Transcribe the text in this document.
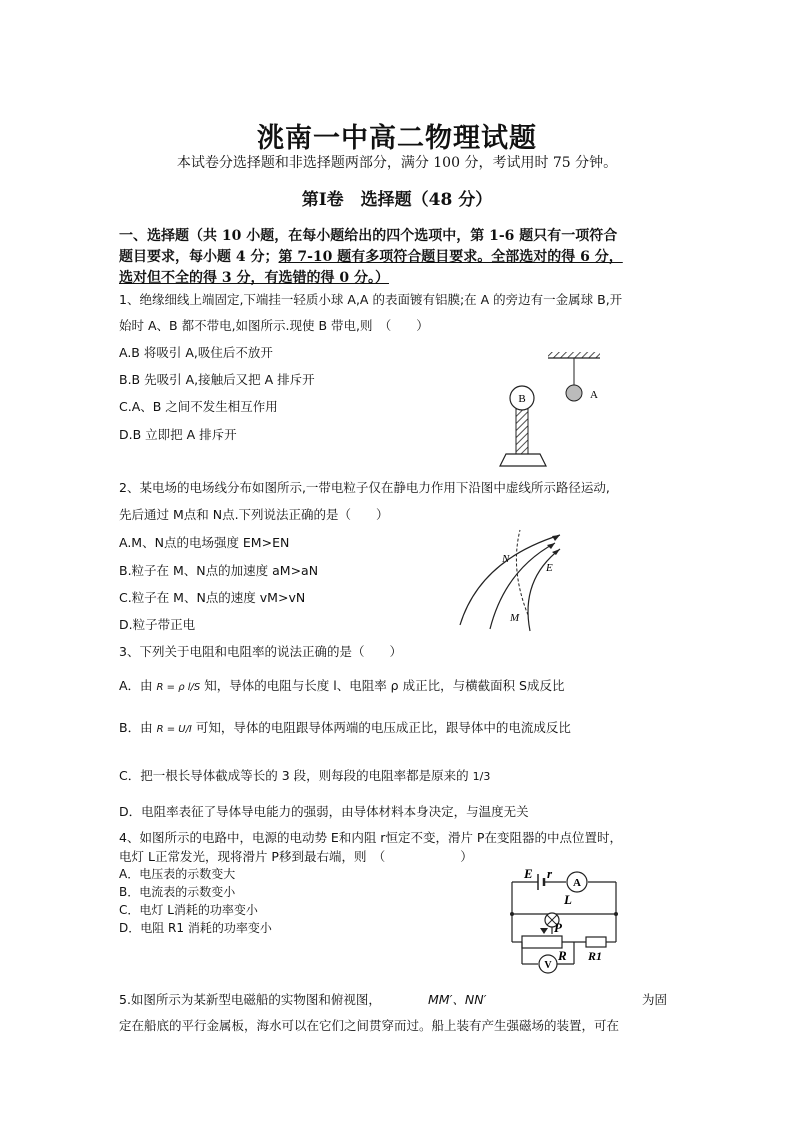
洮南一中高二物理试题
本试卷分选择题和非选择题两部分，满分 100 分，考试用时 75 分钟。
第Ⅰ卷　选择题（48 分）
一、选择题（共 10 小题，在每小题给出的四个选项中，第 1-6 题只有一项符合
题目要求，每小题 4 分；第 7-10 题有多项符合题目要求。全部选对的得 6 分，
选对但不全的得 3 分，有选错的得 0 分。）
1、绝缘细线上端固定,下端挂一轻质小球 A,A 的表面镀有铝膜;在 A 的旁边有一金属球 B,开
始时 A、B 都不带电,如图所示.现使 B 带电,则　（　　）
A.B 将吸引 A,吸住后不放开
B.B 先吸引 A,接触后又把 A 排斥开
C.A、B 之间不发生相互作用
D.B 立即把 A 排斥开
B	A
2、某电场的电场线分布如图所示,一带电粒子仅在静电力作用下沿图中虚线所示路径运动,
先后通过 M点和 N点.下列说法正确的是（　　）
A.M、N点的电场强度 EM>EN
B.粒子在 M、N点的加速度 aM>aN
C.粒子在 M、N点的速度 vM>vN
D.粒子带正电
N
E
M
3、下列关于电阻和电阻率的说法正确的是（　　）
A．由 R = ρ l/S 知，导体的电阻与长度 l、电阻率 ρ 成正比，与横截面积 S成反比
B．由 R = U/I 可知，导体的电阻跟导体两端的电压成正比，跟导体中的电流成反比
C．把一根长导体截成等长的 3 段，则每段的电阻率都是原来的 1/3
D．电阻率表征了导体导电能力的强弱，由导体材料本身决定，与温度无关
4、如图所示的电路中，电源的电动势 E和内阻 r恒定不变，滑片 P在变阻器的中点位置时，
电灯 L正常发光，现将滑片 P移到最右端，则　（　　　　　　）
A．电压表的示数变大
B．电流表的示数变小
C．电灯 L消耗的功率变小
D．电阻 R1 消耗的功率变小
A
V
E r
L
P
R R1
5.如图所示为某新型电磁船的实物图和俯视图，	MM′、NN′	为固
定在船底的平行金属板，海水可以在它们之间贯穿而过。船上装有产生强磁场的装置，可在
